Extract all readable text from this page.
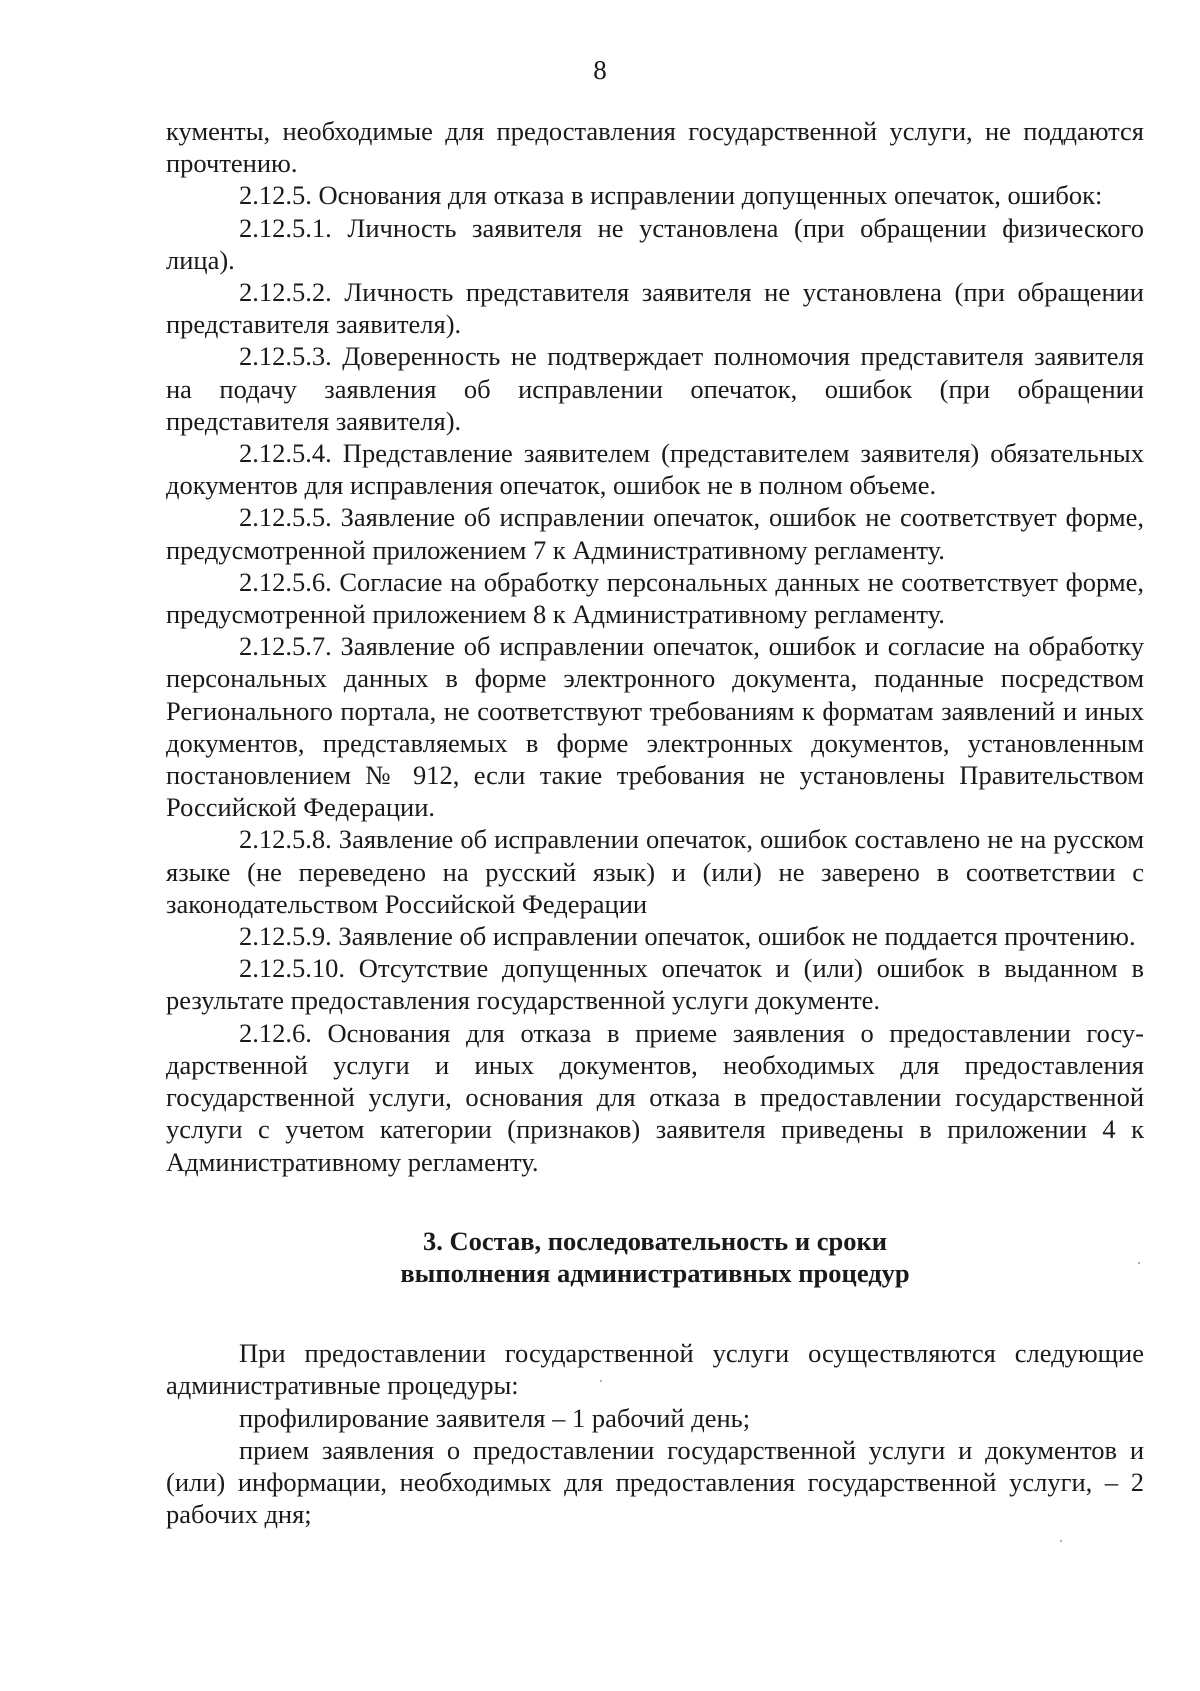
8

кументы, необходимые для предоставления государственной услуги, не поддаются прочтению.

2.12.5. Основания для отказа в исправлении допущенных опечаток, ошибок:

2.12.5.1. Личность заявителя не установлена (при обращении физического лица).

2.12.5.2. Личность представителя заявителя не установлена (при обращении представителя заявителя).

2.12.5.3. Доверенность не подтверждает полномочия представителя заявителя на подачу заявления об исправлении опечаток, ошибок (при обращении представителя заявителя).

2.12.5.4. Представление заявителем (представителем заявителя) обязательных документов для исправления опечаток, ошибок не в полном объеме.

2.12.5.5. Заявление об исправлении опечаток, ошибок не соответствует форме, предусмотренной приложением 7 к Административному регламенту.

2.12.5.6. Согласие на обработку персональных данных не соответствует форме, предусмотренной приложением 8 к Административному регламенту.

2.12.5.7. Заявление об исправлении опечаток, ошибок и согласие на обработку персональных данных в форме электронного документа, поданные посредством Регионального портала, не соответствуют требованиям к форматам заявлений и иных документов, представляемых в форме электронных документов, установленным постановлением № 912, если такие требования не установлены Правительством Российской Федерации.

2.12.5.8. Заявление об исправлении опечаток, ошибок составлено не на русском языке (не переведено на русский язык) и (или) не заверено в соответствии с законодательством Российской Федерации

2.12.5.9. Заявление об исправлении опечаток, ошибок не поддается прочтению.

2.12.5.10. Отсутствие допущенных опечаток и (или) ошибок в выданном в результате предоставления государственной услуги документе.

2.12.6. Основания для отказа в приеме заявления о предоставлении государственной услуги и иных документов, необходимых для предоставления государственной услуги, основания для отказа в предоставлении государственной услуги с учетом категории (признаков) заявителя приведены в приложении 4 к Административному регламенту.

3. Состав, последовательность и сроки
выполнения административных процедур

При предоставлении государственной услуги осуществляются следующие административные процедуры:

профилирование заявителя – 1 рабочий день;

прием заявления о предоставлении государственной услуги и документов и (или) информации, необходимых для предоставления государственной услуги, – 2 рабочих дня;
